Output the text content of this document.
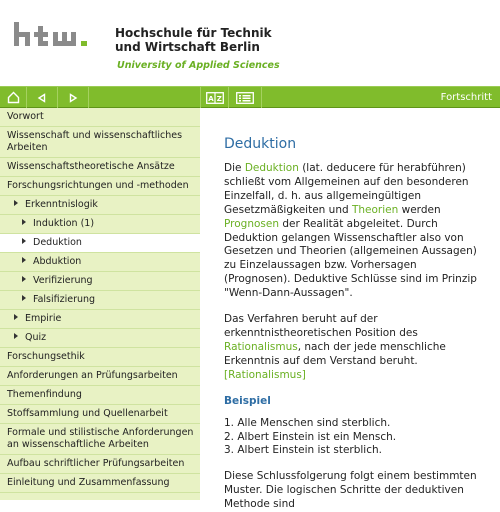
Hochschule für Technik
und Wirtschaft Berlin
University of Applied Sciences
A Z	Fortschritt
Vorwort
Wissenschaft und wissenschaftliches Arbeiten
Wissenschaftstheoretische Ansätze
Forschungsrichtungen und -methoden
Erkenntnislogik
Induktion (1)
Deduktion
Abduktion
Verifizierung
Falsifizierung
Empirie
Quiz
Forschungsethik
Anforderungen an Prüfungsarbeiten
Themenfindung
Stoffsammlung und Quellenarbeit
Formale und stilistische Anforderungen an wissenschaftliche Arbeiten
Aufbau schriftlicher Prüfungsarbeiten
Einleitung und Zusammenfassung
Deduktion

Die Deduktion (lat. deducere für herabführen) schließt vom Allgemeinen auf den besonderen Einzelfall, d. h. aus allgemeingültigen Gesetzmäßigkeiten und Theorien werden Prognosen der Realität abgeleitet. Durch Deduktion gelangen Wissenschaftler also von Gesetzen und Theorien (allgemeinen Aussagen) zu Einzelaussagen bzw. Vorhersagen (Prognosen). Deduktive Schlüsse sind im Prinzip "Wenn-Dann-Aussagen".

Das Verfahren beruht auf der erkenntnistheoretischen Position des Rationalismus, nach der jede menschliche Erkenntnis auf dem Verstand beruht. [Rationalismus]

Beispiel
1. Alle Menschen sind sterblich.
2. Albert Einstein ist ein Mensch.
3. Albert Einstein ist sterblich.

Diese Schlussfolgerung folgt einem bestimmten Muster. Die logischen Schritte der deduktiven Methode sind
